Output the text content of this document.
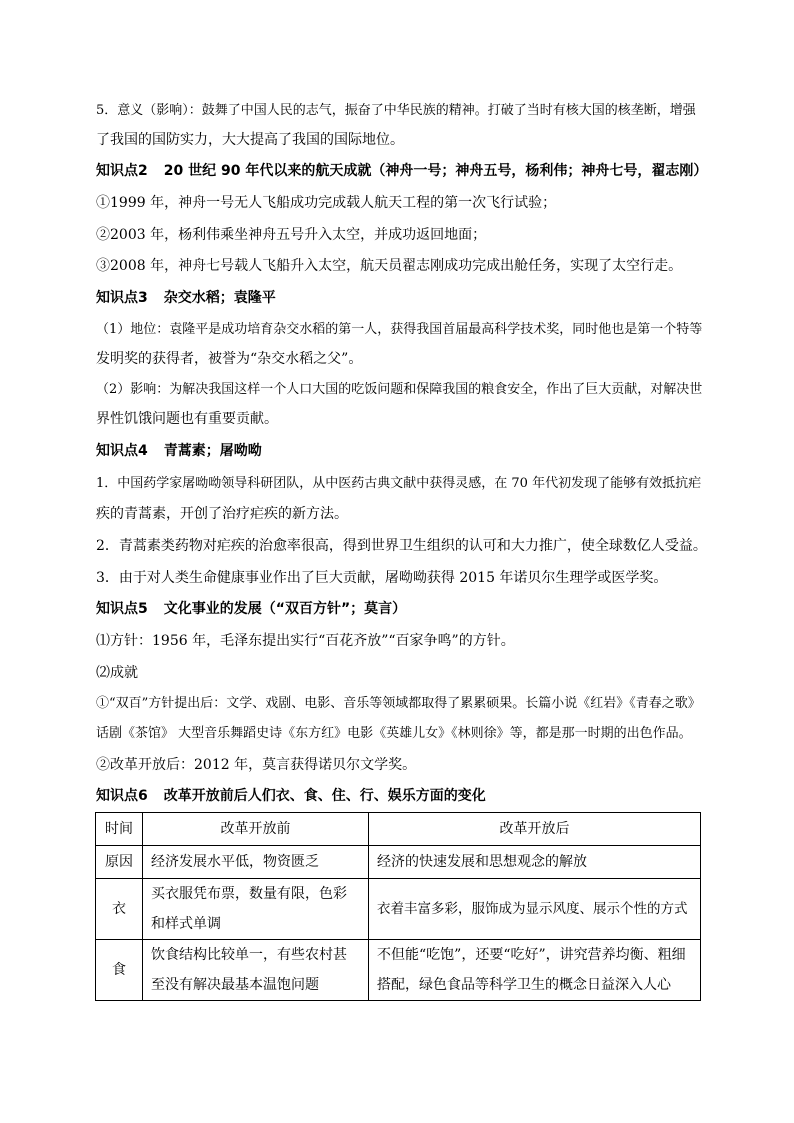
5．意义（影响）：鼓舞了中国人民的志气，振奋了中华民族的精神。打破了当时有核大国的核垄断，增强
了我国的国防实力，大大提高了我国的国际地位。
知识点2 20 世纪 90 年代以来的航天成就（神舟一号；神舟五号，杨利伟；神舟七号，翟志刚）
①1999 年，神舟一号无人飞船成功完成载人航天工程的第一次飞行试验；
②2003 年，杨利伟乘坐神舟五号升入太空，并成功返回地面；
③2008 年，神舟七号载人飞船升入太空，航天员翟志刚成功完成出舱任务，实现了太空行走。
知识点3 杂交水稻；袁隆平
（1）地位：袁隆平是成功培育杂交水稻的第一人，获得我国首届最高科学技术奖，同时他也是第一个特等
发明奖的获得者，被誉为“杂交水稻之父”。
（2）影响：为解决我国这样一个人口大国的吃饭问题和保障我国的粮食安全，作出了巨大贡献，对解决世
界性饥饿问题也有重要贡献。
知识点4 青蒿素；屠呦呦
1．中国药学家屠呦呦领导科研团队，从中医药古典文献中获得灵感，在 70 年代初发现了能够有效抵抗疟
疾的青蒿素，开创了治疗疟疾的新方法。
2．青蒿素类药物对疟疾的治愈率很高，得到世界卫生组织的认可和大力推广，使全球数亿人受益。
3．由于对人类生命健康事业作出了巨大贡献，屠呦呦获得 2015 年诺贝尔生理学或医学奖。
知识点5 文化事业的发展（“双百方针”；莫言）
⑴方针：1956 年，毛泽东提出实行“百花齐放”“百家争鸣”的方针。
⑵成就
①“双百”方针提出后：文学、戏剧、电影、音乐等领域都取得了累累硕果。长篇小说《红岩》《青春之歌》
话剧《茶馆》 大型音乐舞蹈史诗《东方红》电影《英雄儿女》《林则徐》等，都是那一时期的出色作品。
②改革开放后：2012 年，莫言获得诺贝尔文学奖。
知识点6 改革开放前后人们衣、食、住、行、娱乐方面的变化
时间	改革开放前	改革开放后
原因	经济发展水平低，物资匮乏	经济的快速发展和思想观念的解放
衣	买衣服凭布票，数量有限，色彩和样式单调	衣着丰富多彩，服饰成为显示风度、展示个性的方式
食	饮食结构比较单一，有些农村甚至没有解决最基本温饱问题	不但能“吃饱”，还要“吃好”，讲究营养均衡、粗细搭配，绿色食品等科学卫生的概念日益深入人心
